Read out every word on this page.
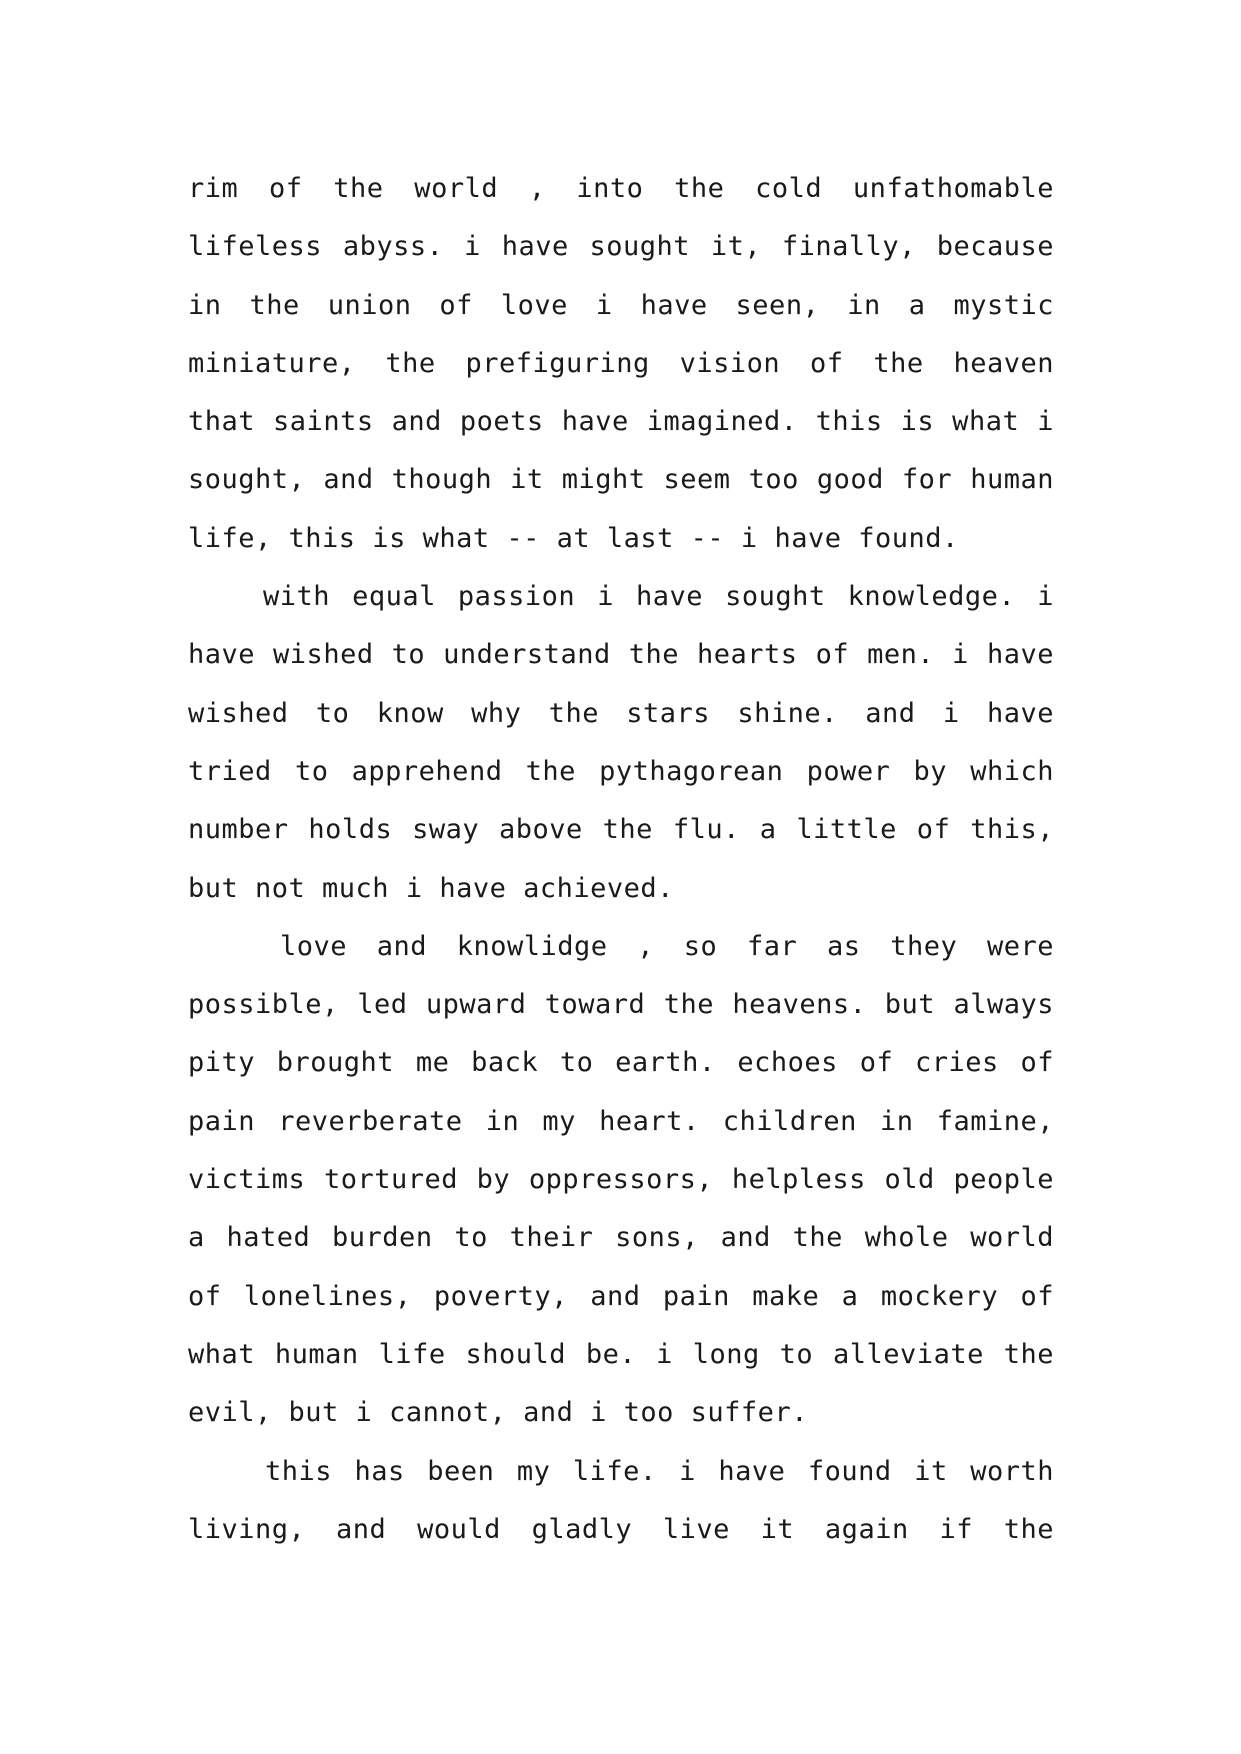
rim of the world , into the cold unfathomable
lifeless abyss. i have sought it, finally, because
in the union of love i have seen, in a mystic
miniature, the prefiguring vision of the heaven
that saints and poets have imagined. this is what i
sought, and though it might seem too good for human
life, this is what -- at last -- i have found.
with equal passion i have sought knowledge. i
have wished to understand the hearts of men. i have
wished to know why the stars shine. and i have
tried to apprehend the pythagorean power by which
number holds sway above the flu. a little of this,
but not much i have achieved.
love and knowlidge , so far as they were
possible, led upward toward the heavens. but always
pity brought me back to earth. echoes of cries of
pain reverberate in my heart. children in famine,
victims tortured by oppressors, helpless old people
a hated burden to their sons, and the whole world
of lonelines, poverty, and pain make a mockery of
what human life should be. i long to alleviate the
evil, but i cannot, and i too suffer.
this has been my life. i have found it worth
living, and would gladly live it again if the
